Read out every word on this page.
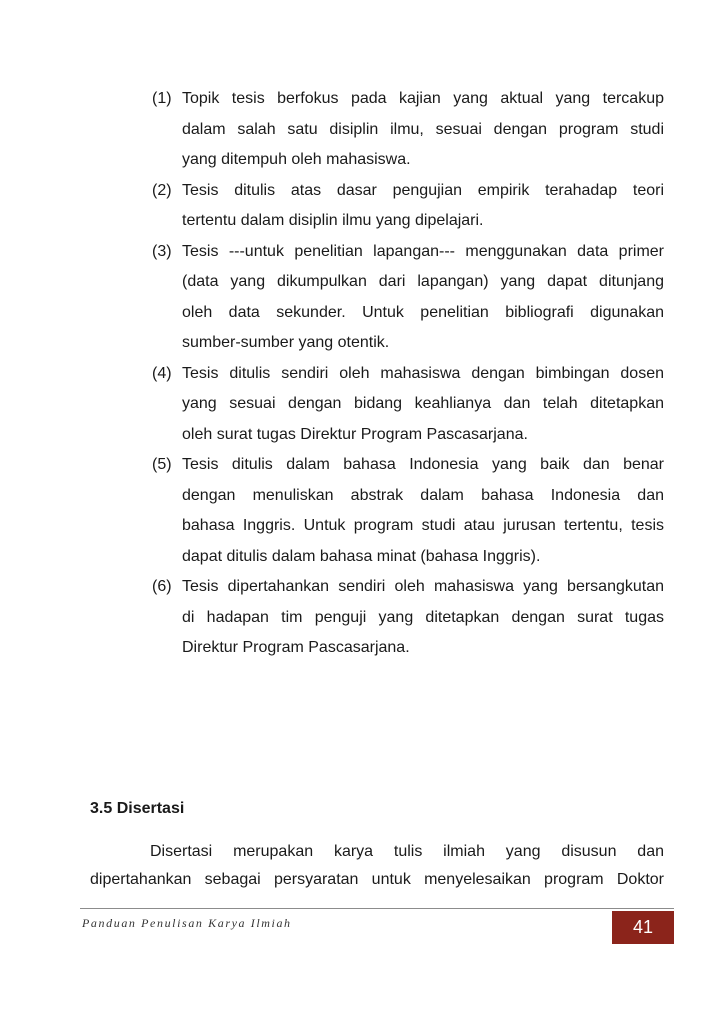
(1) Topik tesis berfokus pada kajian yang aktual yang tercakup
dalam salah satu disiplin ilmu, sesuai dengan program studi
yang ditempuh oleh mahasiswa.
(2) Tesis ditulis atas dasar pengujian empirik terahadap teori
tertentu dalam disiplin ilmu yang dipelajari.
(3) Tesis ---untuk penelitian lapangan--- menggunakan data primer
(data yang dikumpulkan dari lapangan) yang dapat ditunjang
oleh data sekunder. Untuk penelitian bibliografi digunakan
sumber-sumber yang otentik.
(4) Tesis ditulis sendiri oleh mahasiswa dengan bimbingan dosen
yang sesuai dengan bidang keahlianya dan telah ditetapkan
oleh surat tugas Direktur Program Pascasarjana.
(5) Tesis ditulis dalam bahasa Indonesia yang baik dan benar
dengan menuliskan abstrak dalam bahasa Indonesia dan
bahasa Inggris. Untuk program studi atau jurusan tertentu, tesis
dapat ditulis dalam bahasa minat (bahasa Inggris).
(6) Tesis dipertahankan sendiri oleh mahasiswa yang bersangkutan
di hadapan tim penguji yang ditetapkan dengan surat tugas
Direktur Program Pascasarjana.
3.5 Disertasi
Disertasi merupakan karya tulis ilmiah yang disusun dan
dipertahankan sebagai persyaratan untuk menyelesaikan program Doktor
Panduan Penulisan Karya Ilmiah	41
